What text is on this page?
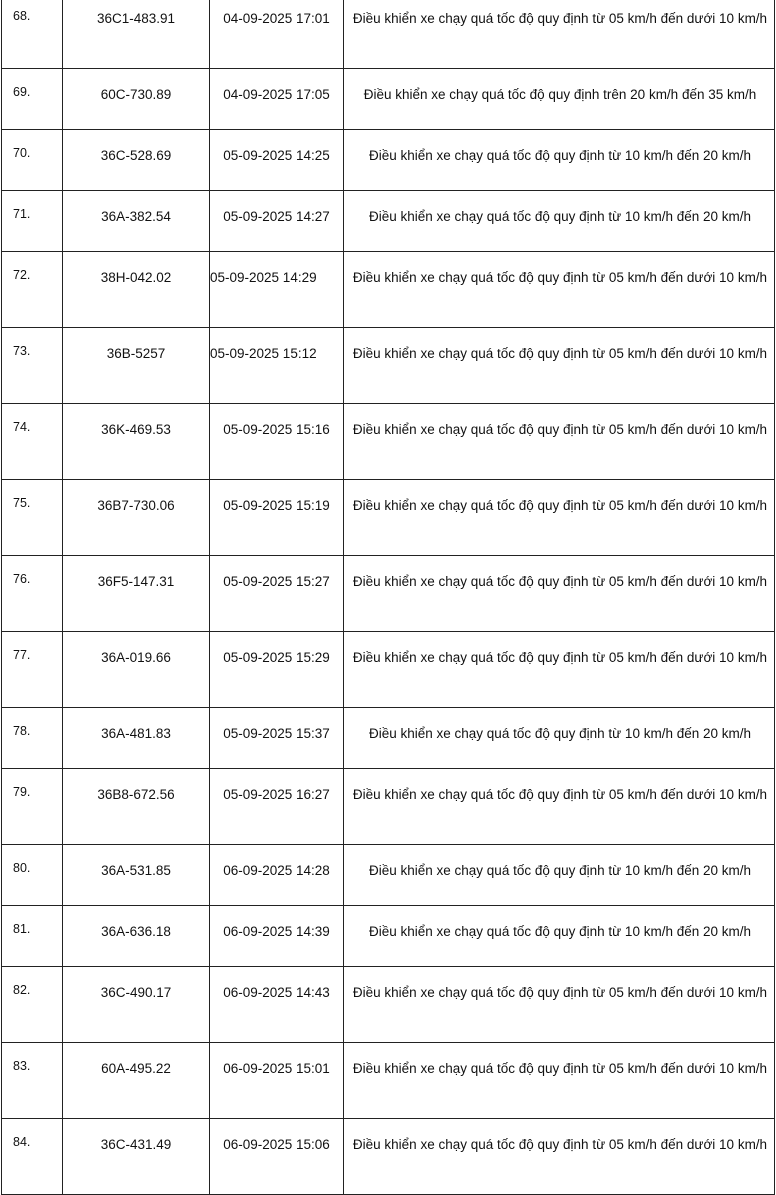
68.	36C1-483.91	04-09-2025 17:01	Điều khiển xe chạy quá tốc độ quy định từ 05 km/h đến dưới 10 km/h
69.	60C-730.89	04-09-2025 17:05	Điều khiển xe chạy quá tốc độ quy định trên 20 km/h đến 35 km/h
70.	36C-528.69	05-09-2025 14:25	Điều khiển xe chạy quá tốc độ quy định từ 10 km/h đến 20 km/h
71.	36A-382.54	05-09-2025 14:27	Điều khiển xe chạy quá tốc độ quy định từ 10 km/h đến 20 km/h
72.	38H-042.02	05-09-2025 14:29	Điều khiển xe chạy quá tốc độ quy định từ 05 km/h đến dưới 10 km/h
73.	36B-5257	05-09-2025 15:12	Điều khiển xe chạy quá tốc độ quy định từ 05 km/h đến dưới 10 km/h
74.	36K-469.53	05-09-2025 15:16	Điều khiển xe chạy quá tốc độ quy định từ 05 km/h đến dưới 10 km/h
75.	36B7-730.06	05-09-2025 15:19	Điều khiển xe chạy quá tốc độ quy định từ 05 km/h đến dưới 10 km/h
76.	36F5-147.31	05-09-2025 15:27	Điều khiển xe chạy quá tốc độ quy định từ 05 km/h đến dưới 10 km/h
77.	36A-019.66	05-09-2025 15:29	Điều khiển xe chạy quá tốc độ quy định từ 05 km/h đến dưới 10 km/h
78.	36A-481.83	05-09-2025 15:37	Điều khiển xe chạy quá tốc độ quy định từ 10 km/h đến 20 km/h
79.	36B8-672.56	05-09-2025 16:27	Điều khiển xe chạy quá tốc độ quy định từ 05 km/h đến dưới 10 km/h
80.	36A-531.85	06-09-2025 14:28	Điều khiển xe chạy quá tốc độ quy định từ 10 km/h đến 20 km/h
81.	36A-636.18	06-09-2025 14:39	Điều khiển xe chạy quá tốc độ quy định từ 10 km/h đến 20 km/h
82.	36C-490.17	06-09-2025 14:43	Điều khiển xe chạy quá tốc độ quy định từ 05 km/h đến dưới 10 km/h
83.	60A-495.22	06-09-2025 15:01	Điều khiển xe chạy quá tốc độ quy định từ 05 km/h đến dưới 10 km/h
84.	36C-431.49	06-09-2025 15:06	Điều khiển xe chạy quá tốc độ quy định từ 05 km/h đến dưới 10 km/h
